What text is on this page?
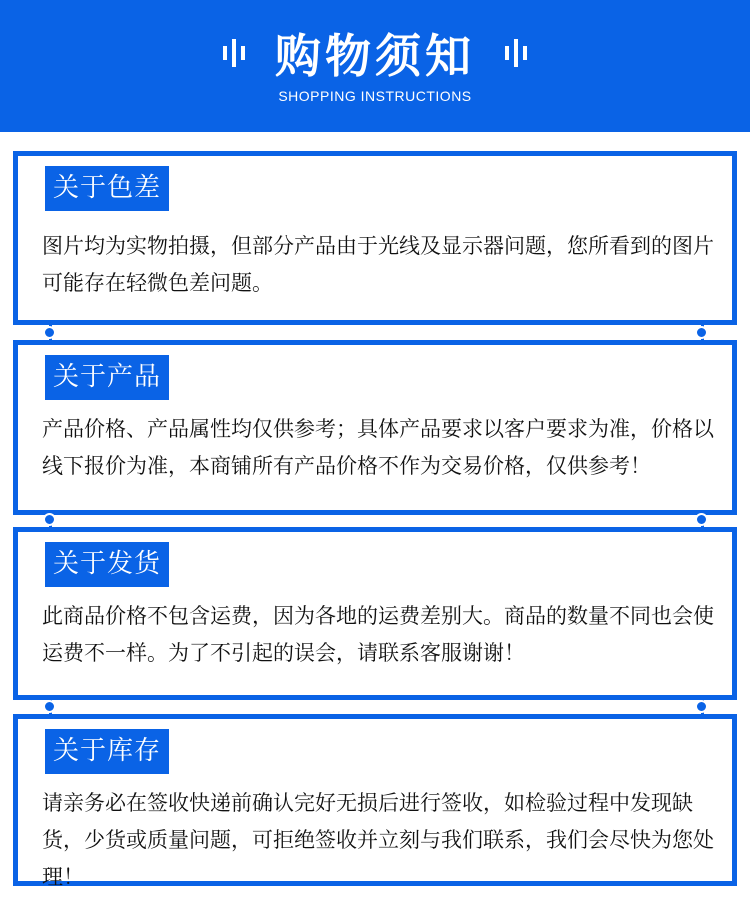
购物须知
SHOPPING INSTRUCTIONS
关于色差
图片均为实物拍摄，但部分产品由于光线及显示器问题，您所看到的图片可能存在轻微色差问题。
关于产品
产品价格、产品属性均仅供参考；具体产品要求以客户要求为准，价格以线下报价为准，本商铺所有产品价格不作为交易价格，仅供参考！
关于发货
此商品价格不包含运费，因为各地的运费差别大。商品的数量不同也会使运费不一样。为了不引起的误会，请联系客服谢谢！
关于库存
请亲务必在签收快递前确认完好无损后进行签收，如检验过程中发现缺货，少货或质量问题，可拒绝签收并立刻与我们联系，我们会尽快为您处理！
